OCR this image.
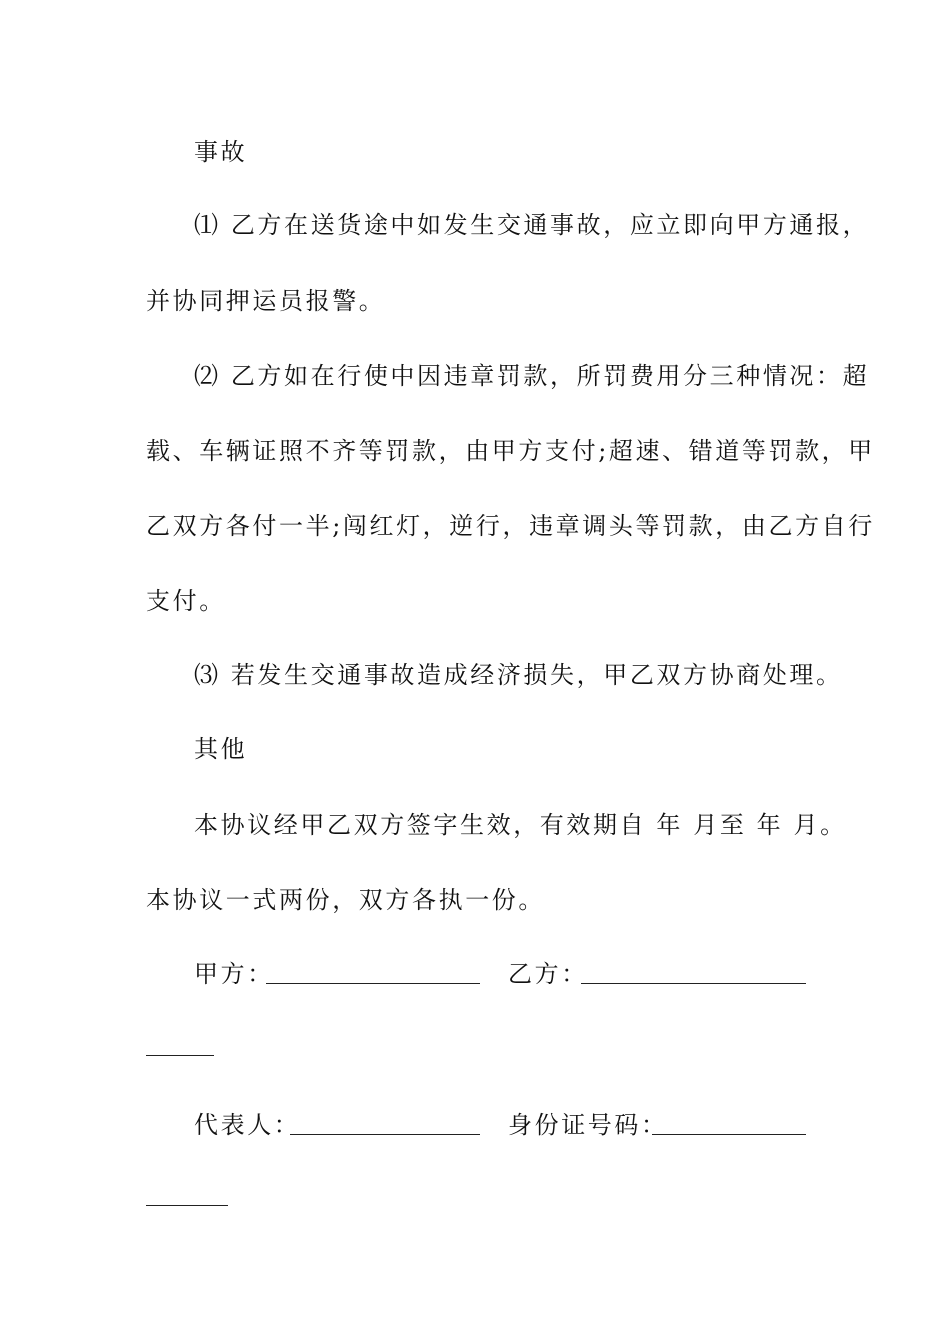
事故
⑴ 乙方在送货途中如发生交通事故，应立即向甲方通报，
并协同押运员报警。
⑵ 乙方如在行使中因违章罚款，所罚费用分三种情况：超
载、车辆证照不齐等罚款，由甲方支付;超速、错道等罚款，甲
乙双方各付一半;闯红灯，逆行，违章调头等罚款，由乙方自行
支付。
⑶ 若发生交通事故造成经济损失，甲乙双方协商处理。
其他
本协议经甲乙双方签字生效，有效期自 年 月至 年 月。
本协议一式两份，双方各执一份。
甲方：	乙方：
代表人：	身份证号码：
